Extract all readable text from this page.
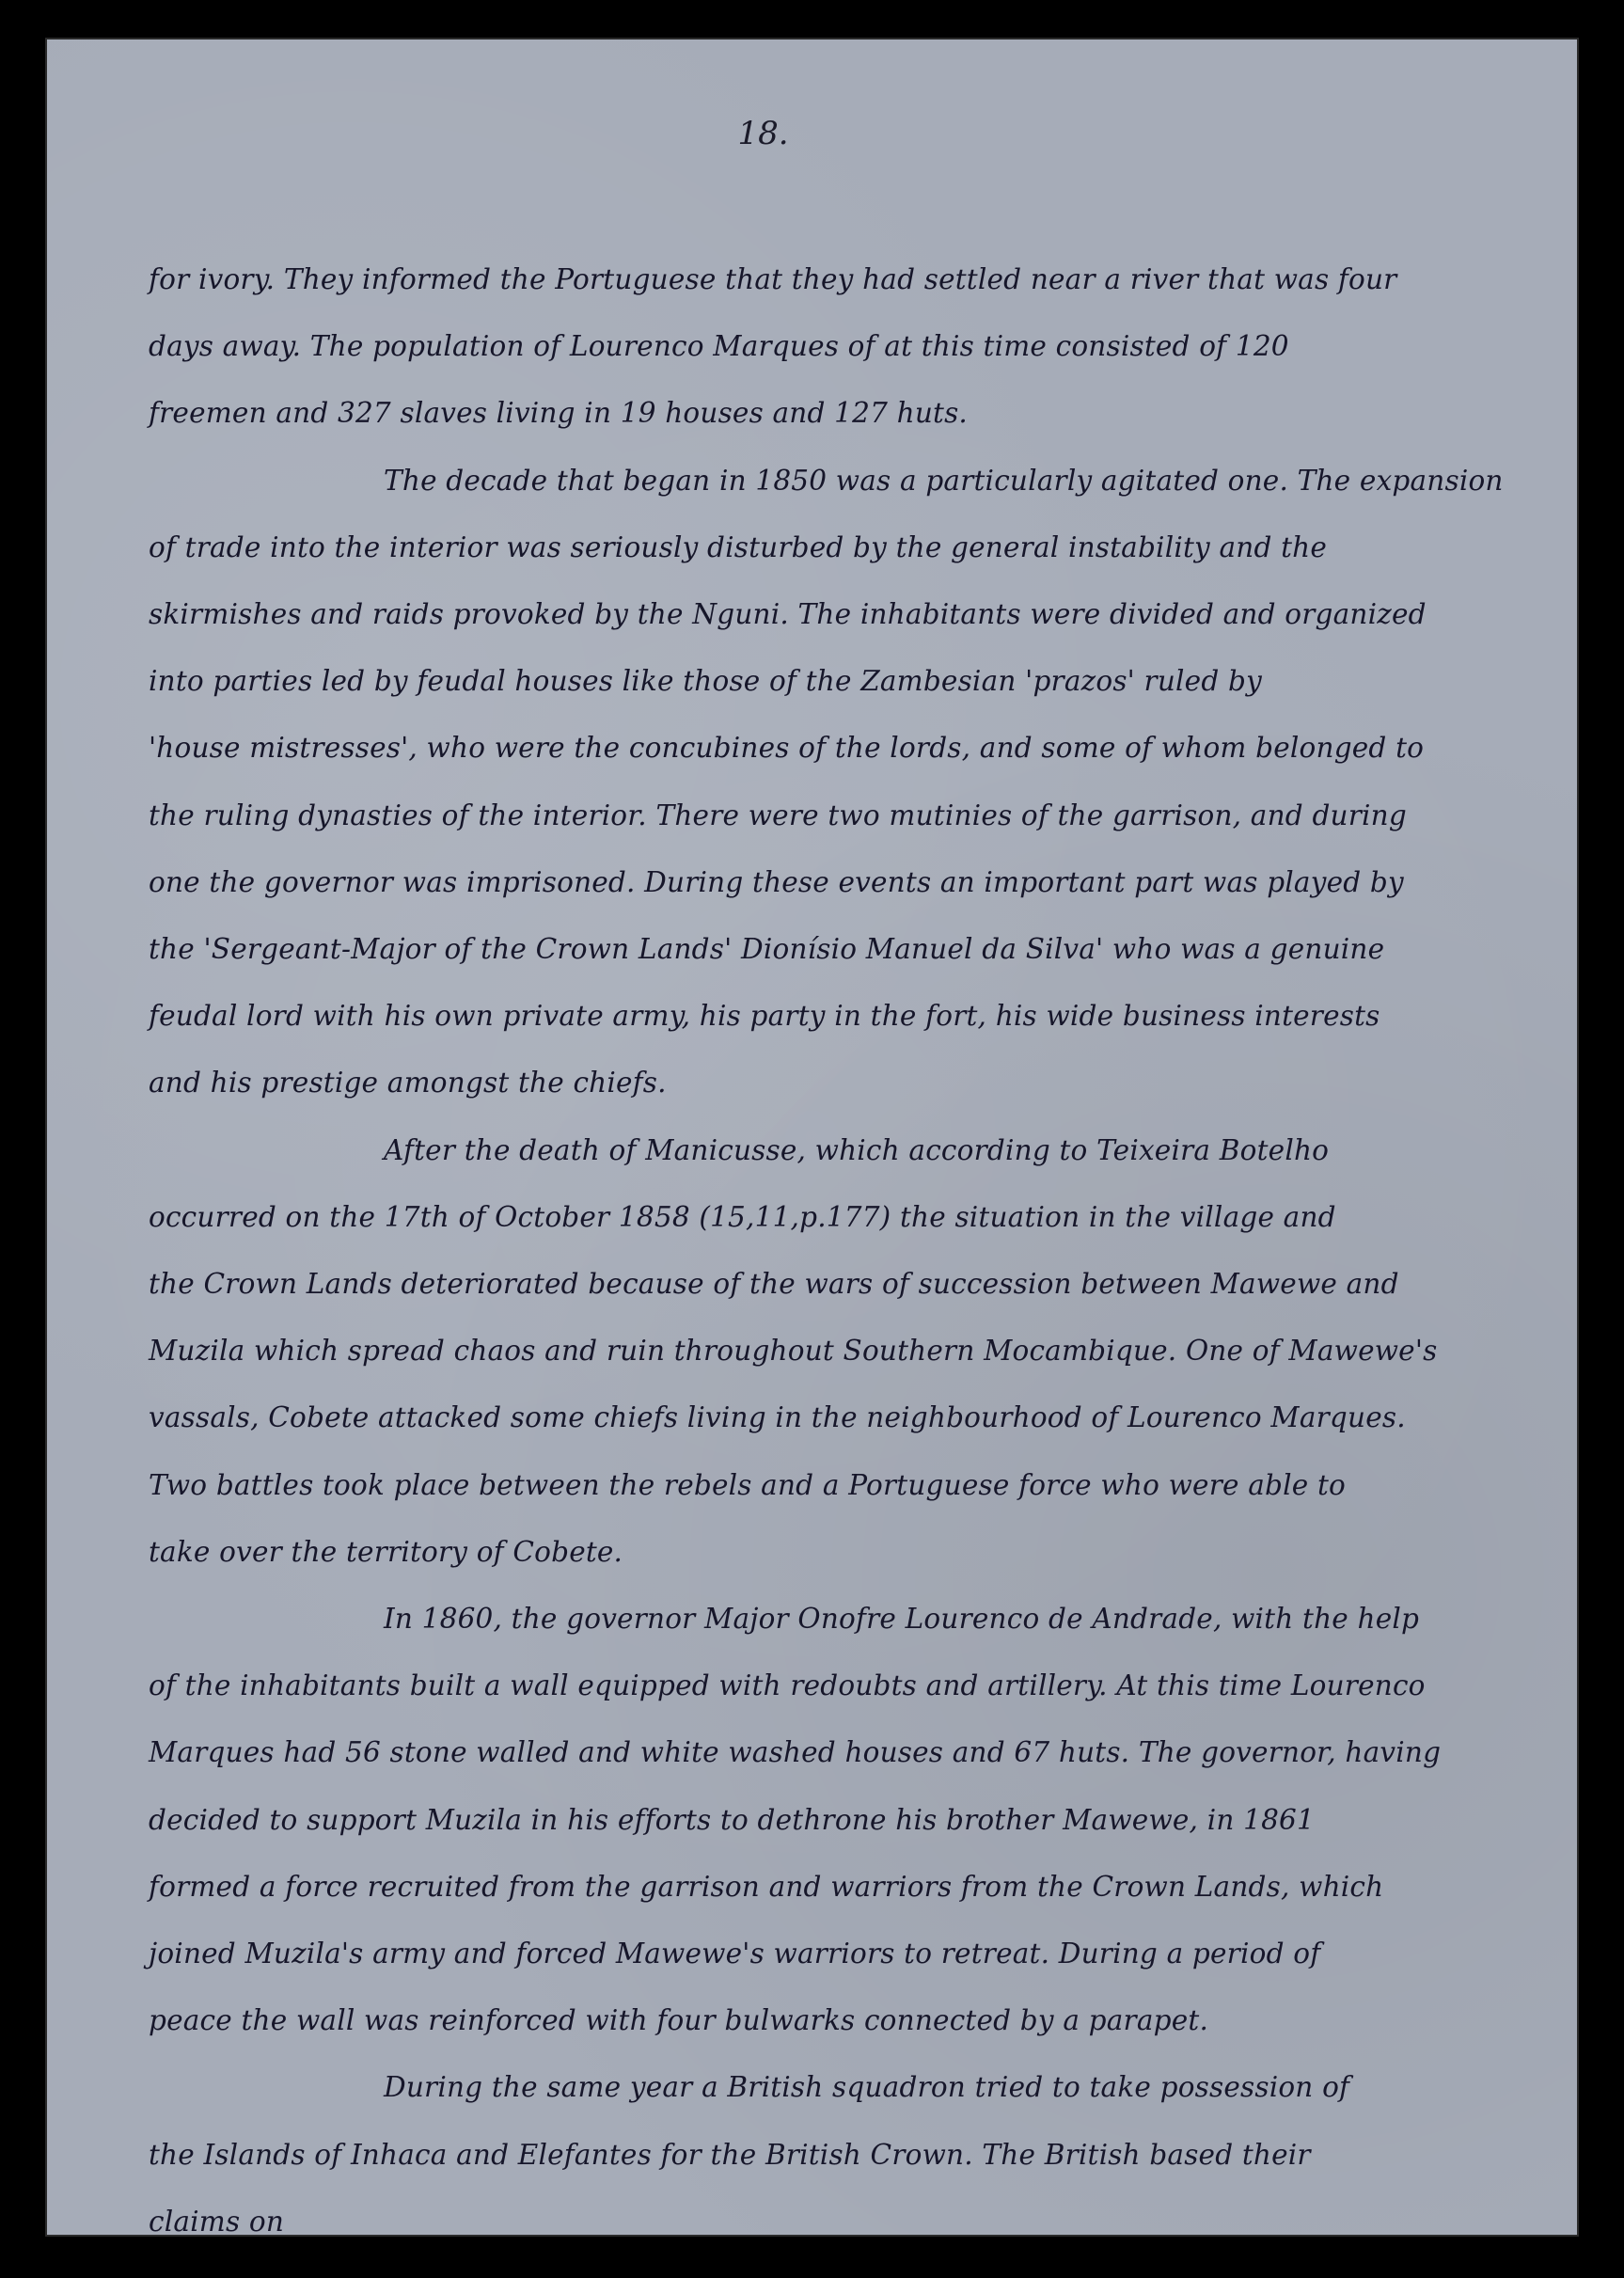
18.
for ivory. They informed the Portuguese that they had settled near a river that was four
days away. The population of Lourenco Marques of at this time consisted of 120
freemen and 327 slaves living in 19 houses and 127 huts.
The decade that began in 1850 was a particularly agitated one. The expansion
of trade into the interior was seriously disturbed by the general instability and the
skirmishes and raids provoked by the Nguni. The inhabitants were divided and organized
into parties led by feudal houses like those of the Zambesian 'prazos' ruled by
'house mistresses', who were the concubines of the lords, and some of whom belonged to
the ruling dynasties of the interior. There were two mutinies of the garrison, and during
one the governor was imprisoned. During these events an important part was played by
the 'Sergeant-Major of the Crown Lands' Dionísio Manuel da Silva' who was a genuine
feudal lord with his own private army, his party in the fort, his wide business interests
and his prestige amongst the chiefs.
After the death of Manicusse, which according to Teixeira Botelho
occurred on the 17th of October 1858 (15,11,p.177) the situation in the village and
the Crown Lands deteriorated because of the wars of succession between Mawewe and
Muzila which spread chaos and ruin throughout Southern Mocambique. One of Mawewe's
vassals, Cobete attacked some chiefs living in the neighbourhood of Lourenco Marques.
Two battles took place between the rebels and a Portuguese force who were able to
take over the territory of Cobete.
In 1860, the governor Major Onofre Lourenco de Andrade, with the help
of the inhabitants built a wall equipped with redoubts and artillery. At this time Lourenco
Marques had 56 stone walled and white washed houses and 67 huts. The governor, having
decided to support Muzila in his efforts to dethrone his brother Mawewe, in 1861
formed a force recruited from the garrison and warriors from the Crown Lands, which
joined Muzila's army and forced Mawewe's warriors to retreat. During a period of
peace the wall was reinforced with four bulwarks connected by a parapet.
During the same year a British squadron tried to take possession of
the Islands of Inhaca and Elefantes for the British Crown. The British based their
claims on
